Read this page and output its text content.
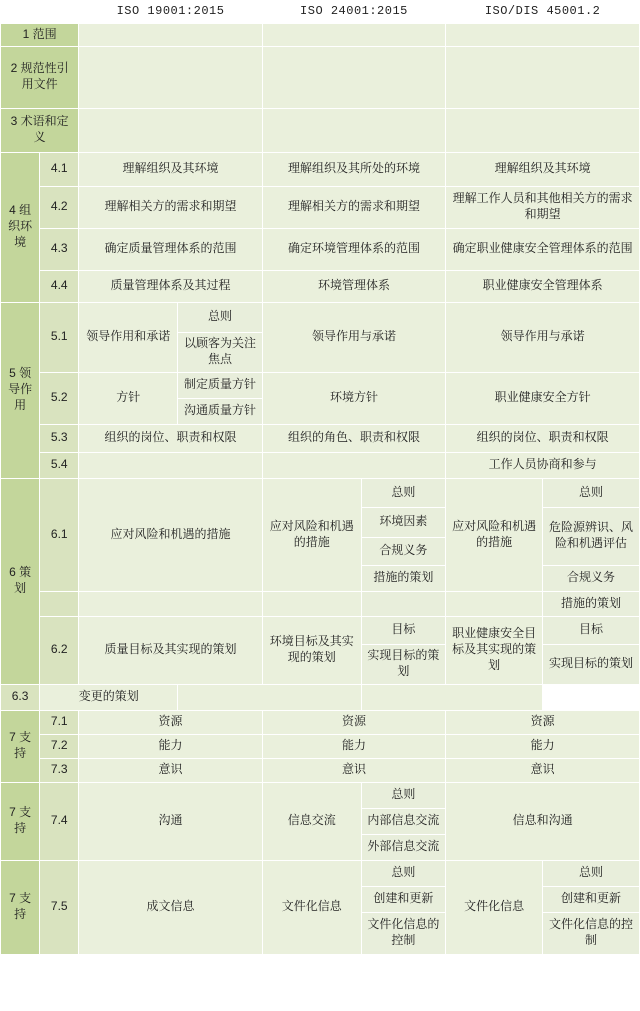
		ISO 19001:2015		ISO 24001:2015		ISO/DIS 45001.2	
1 范围							
2 规范性引用文件							
3 术语和定义							
4 组织环境	4.1	理解组织及其环境		理解组织及其所处的环境		理解组织及其环境	
	4.2	理解相关方的需求和期望		理解相关方的需求和期望		理解工作人员和其他相关方的需求和期望	
	4.3	确定质量管理体系的范围		确定环境管理体系的范围		确定职业健康安全管理体系的范围	
	4.4	质量管理体系及其过程		环境管理体系		职业健康安全管理体系	
5 领导作用	5.1	领导作用和承诺	总则	领导作用与承诺		领导作用与承诺	
			以顾客为关注焦点				
	5.2	方针	制定质量方针	环境方针		职业健康安全方针	
			沟通质量方针				
	5.3	组织的岗位、职责和权限		组织的角色、职责和权限		组织的岗位、职责和权限	
	5.4					工作人员协商和参与	
6 策划	6.1	应对风险和机遇的措施		应对风险和机遇的措施	总则	应对风险和机遇的措施	总则
					环境因素		危险源辨识、风险和机遇评估
					合规义务		
					措施的策划		合规义务
							措施的策划
	6.2	质量目标及其实现的策划		环境目标及其实现的策划	目标	职业健康安全目标及其实现的策划	目标
					实现目标的策划		实现目标的策划
6.3	变更的策划						
7 支持	7.1	资源		资源		资源	
	7.2	能力		能力		能力	
	7.3	意识		意识		意识	
7 支持	7.4	沟通		信息交流	总则	信息和沟通	
					内部信息交流		
					外部信息交流		
7 支持	7.5	成文信息		文件化信息	总则	文件化信息	总则
					创建和更新		创建和更新
					文件化信息的控制		文件化信息的控制
